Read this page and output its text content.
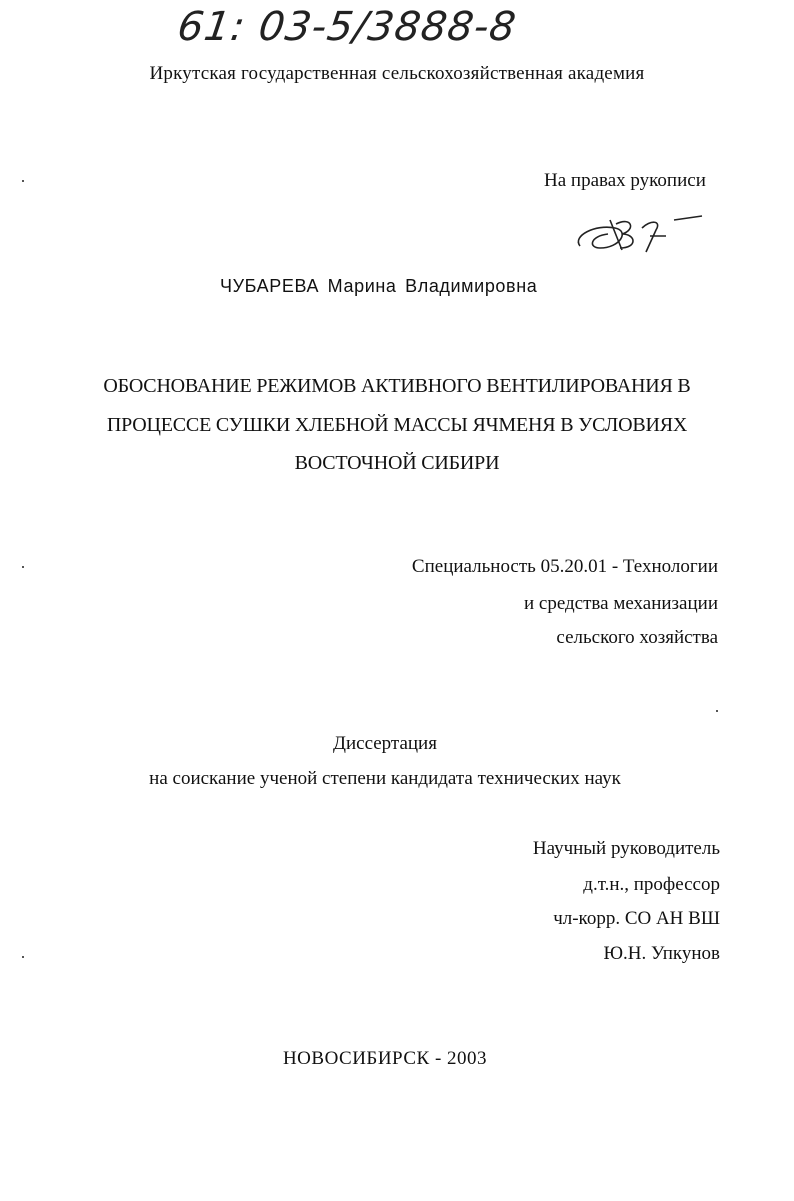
61: 03-5/3888-8
Иркутская государственная сельскохозяйственная академия
На правах рукописи
ЧУБАРЕВА Марина Владимировна
ОБОСНОВАНИЕ РЕЖИМОВ АКТИВНОГО ВЕНТИЛИРОВАНИЯ В
ПРОЦЕССЕ СУШКИ ХЛЕБНОЙ МАССЫ ЯЧМЕНЯ В УСЛОВИЯХ
ВОСТОЧНОЙ СИБИРИ
Специальность 05.20.01 - Технологии
и средства механизации
сельского хозяйства
Диссертация
на соискание ученой степени кандидата технических наук
Научный руководитель
д.т.н., профессор
чл-корр. СО АН ВШ
Ю.Н. Упкунов
НОВОСИБИРСК - 2003
